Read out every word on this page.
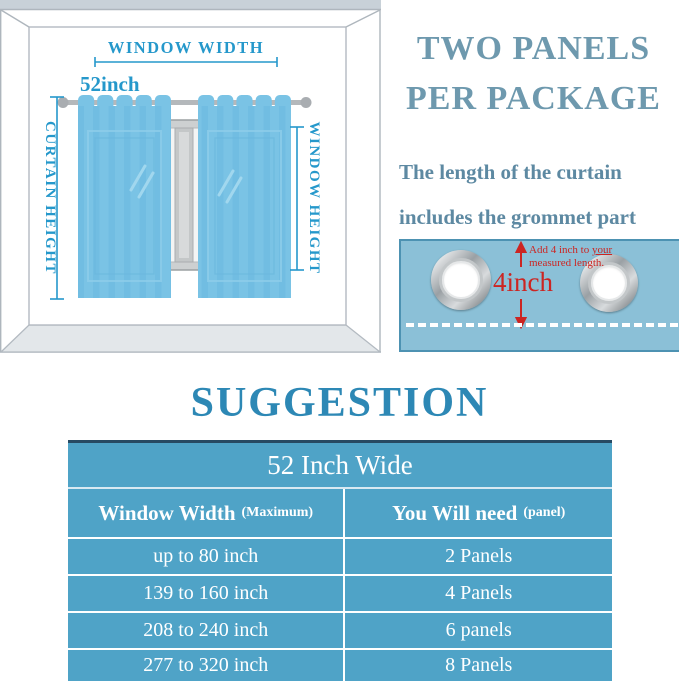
WINDOW WIDTH
52inch
CURTAIN HEIGHT	WINDOW HEIGHT
TWO PANELS
PER PACKAGE
The length of the curtain
includes the grommet part
4inch
Add 4 inch to your
measured length.
SUGGESTION
52 Inch Wide
Window Width (Maximum)	You Will need (panel)
up to 80 inch	2 Panels
139 to 160 inch	4 Panels
208 to 240 inch	6 panels
277 to 320 inch	8 Panels
